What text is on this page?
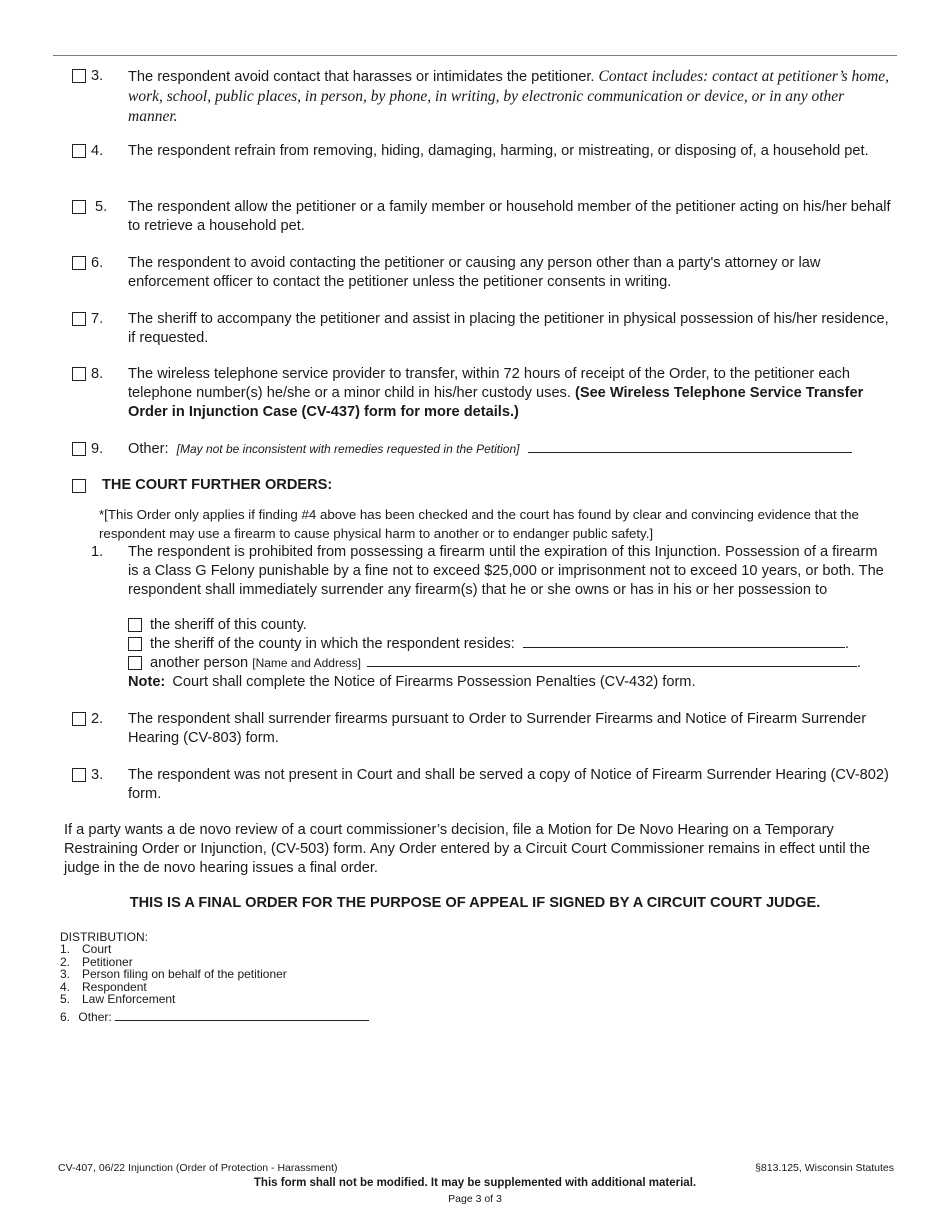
3. The respondent avoid contact that harasses or intimidates the petitioner. Contact includes: contact at petitioner’s home, work, school, public places, in person, by phone, in writing, by electronic communication or device, or in any other manner.
4. The respondent refrain from removing, hiding, damaging, harming, or mistreating, or disposing of, a household pet.
5. The respondent allow the petitioner or a family member or household member of the petitioner acting on his/her behalf to retrieve a household pet.
6. The respondent to avoid contacting the petitioner or causing any person other than a party's attorney or law enforcement officer to contact the petitioner unless the petitioner consents in writing.
7. The sheriff to accompany the petitioner and assist in placing the petitioner in physical possession of his/her residence, if requested.
8. The wireless telephone service provider to transfer, within 72 hours of receipt of the Order, to the petitioner each telephone number(s) he/she or a minor child in his/her custody uses. (See Wireless Telephone Service Transfer Order in Injunction Case (CV-437) form for more details.)
9. Other: [May not be inconsistent with remedies requested in the Petition]
THE COURT FURTHER ORDERS:
*[This Order only applies if finding #4 above has been checked and the court has found by clear and convincing evidence that the respondent may use a firearm to cause physical harm to another or to endanger public safety.]
1. The respondent is prohibited from possessing a firearm until the expiration of this Injunction. Possession of a firearm is a Class G Felony punishable by a fine not to exceed $25,000 or imprisonment not to exceed 10 years, or both. The respondent shall immediately surrender any firearm(s) that he or she owns or has in his or her possession to
the sheriff of this county.
the sheriff of the county in which the respondent resides:	.
another person [Name and Address]	.
Note: Court shall complete the Notice of Firearms Possession Penalties (CV-432) form.
2. The respondent shall surrender firearms pursuant to Order to Surrender Firearms and Notice of Firearm Surrender Hearing (CV-803) form.
3. The respondent was not present in Court and shall be served a copy of Notice of Firearm Surrender Hearing (CV-802) form.
If a party wants a de novo review of a court commissioner’s decision, file a Motion for De Novo Hearing on a Temporary Restraining Order or Injunction, (CV-503) form. Any Order entered by a Circuit Court Commissioner remains in effect until the judge in the de novo hearing issues a final order.
THIS IS A FINAL ORDER FOR THE PURPOSE OF APPEAL IF SIGNED BY A CIRCUIT COURT JUDGE.
DISTRIBUTION:
1. Court
2. Petitioner
3. Person filing on behalf of the petitioner
4. Respondent
5. Law Enforcement
6. Other:
CV-407, 06/22 Injunction (Order of Protection - Harassment)	§813.125, Wisconsin Statutes
This form shall not be modified. It may be supplemented with additional material.
Page 3 of 3
